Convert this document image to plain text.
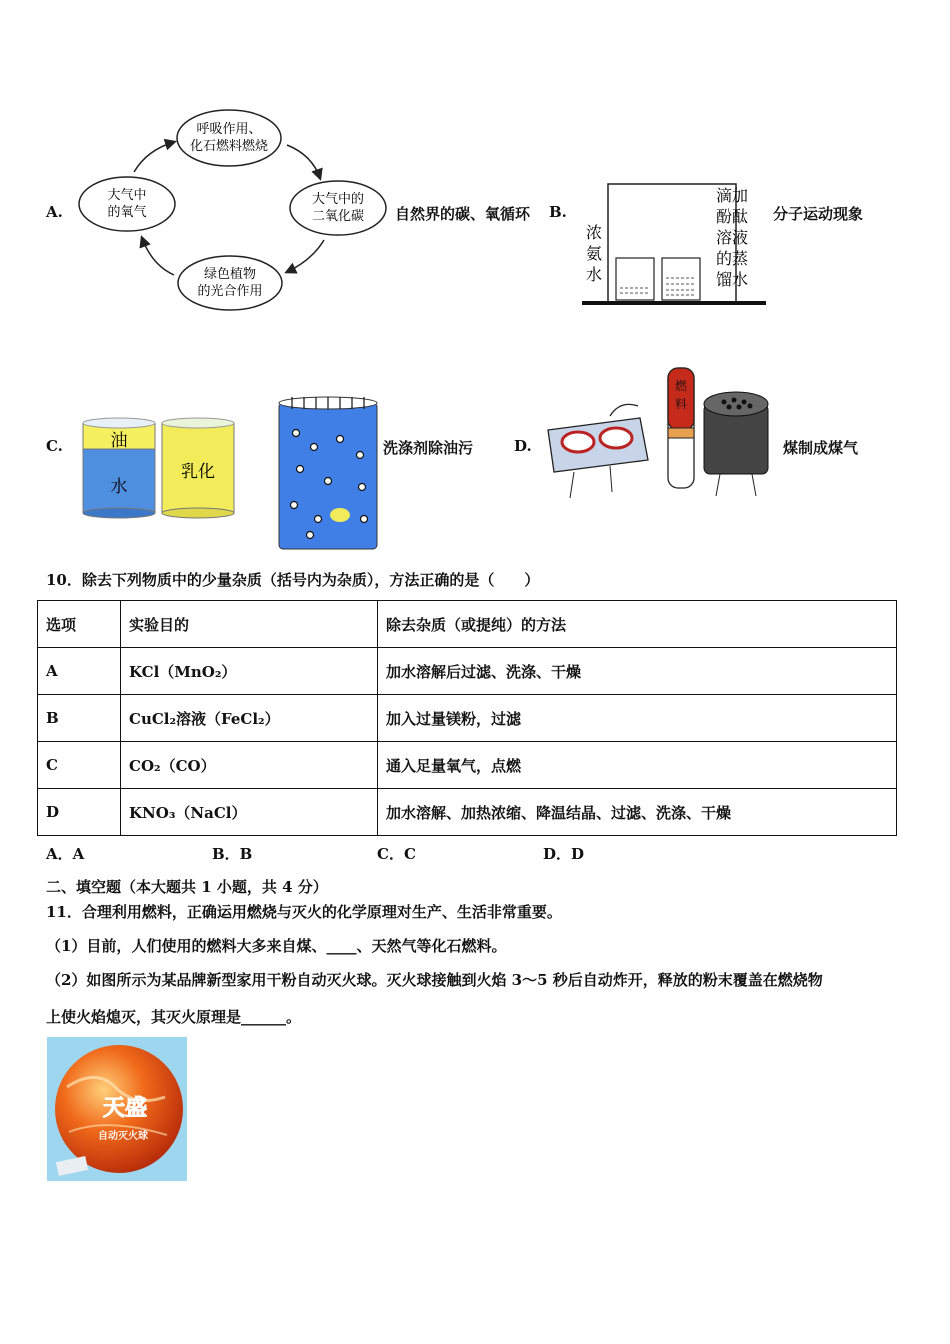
A.
呼吸作用、
化石燃料燃烧
大气中
的氧气
大气中的
二氧化碳
绿色植物
的光合作用
自然界的碳、氧循环 B.
浓
氨
水
滴加
酚酞
溶液
的蒸
馏水
分子运动现象
C.	油
水
乳化
洗涤剂除油污	D.
燃
料
煤制成煤气
10．除去下列物质中的少量杂质（括号内为杂质），方法正确的是（　　）
选项	实验目的	除去杂质（或提纯）的方法
A	KCl（MnO₂）	加水溶解后过滤、洗涤、干燥
B	CuCl₂溶液（FeCl₂）	加入过量镁粉，过滤
C	CO₂（CO）	通入足量氧气，点燃
D	KNO₃（NaCl）	加水溶解、加热浓缩、降温结晶、过滤、洗涤、干燥
A．A	B．B	C．C	D．D
二、填空题（本大题共 1 小题，共 4 分）
11．合理利用燃料，正确运用燃烧与灭火的化学原理对生产、生活非常重要。
（1）目前，人们使用的燃料大多来自煤、____、天然气等化石燃料。
（2）如图所示为某品牌新型家用干粉自动灭火球。灭火球接触到火焰 3～5 秒后自动炸开，释放的粉末覆盖在燃烧物
上使火焰熄灭，其灭火原理是______。
天盛
自动灭火球
